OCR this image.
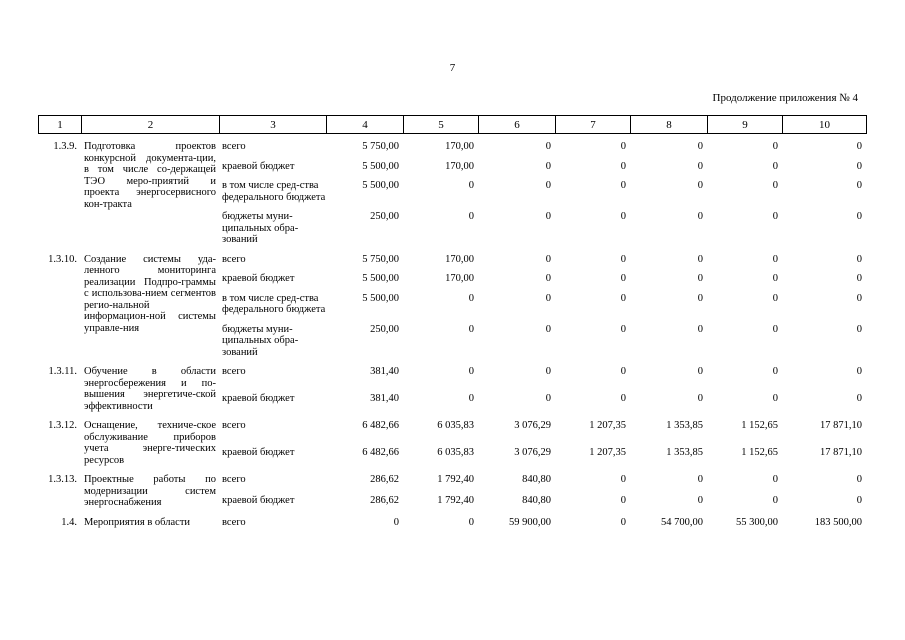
7
Продолжение приложения № 4
1	2	3	4	5	6	7	8	9	10
1.3.9.	Подготовка проектов конкурсной документа-ции, в том числе со-держащей ТЭО меро-приятий и проекта энергосервисного кон-тракта	всего	5 750,00	170,00	0	0	0	0	0
		краевой бюджет	5 500,00	170,00	0	0	0	0	0
		в том числе сред-ства федерального бюджета	5 500,00	0	0	0	0	0	0
		бюджеты муни-ципальных обра-зований	250,00	0	0	0	0	0	0
1.3.10.	Создание системы уда-ленного мониторинга реализации Подпро-граммы с использова-нием сегментов регио-нальной информацион-ной системы управле-ния	всего	5 750,00	170,00	0	0	0	0	0
		краевой бюджет	5 500,00	170,00	0	0	0	0	0
		в том числе сред-ства федерального бюджета	5 500,00	0	0	0	0	0	0
		бюджеты муни-ципальных обра-зований	250,00	0	0	0	0	0	0
1.3.11.	Обучение в области энергосбережения и по-вышения энергетиче-ской эффективности	всего	381,40	0	0	0	0	0	0
		краевой бюджет	381,40	0	0	0	0	0	0
1.3.12.	Оснащение, техниче-ское обслуживание приборов учета энерге-тических ресурсов	всего	6 482,66	6 035,83	3 076,29	1 207,35	1 353,85	1 152,65	17 871,10
		краевой бюджет	6 482,66	6 035,83	3 076,29	1 207,35	1 353,85	1 152,65	17 871,10
1.3.13.	Проектные работы по модернизации систем энергоснабжения	всего	286,62	1 792,40	840,80	0	0	0	0
		краевой бюджет	286,62	1 792,40	840,80	0	0	0	0
1.4.	Мероприятия в области	всего	0	0	59 900,00	0	54 700,00	55 300,00	183 500,00
